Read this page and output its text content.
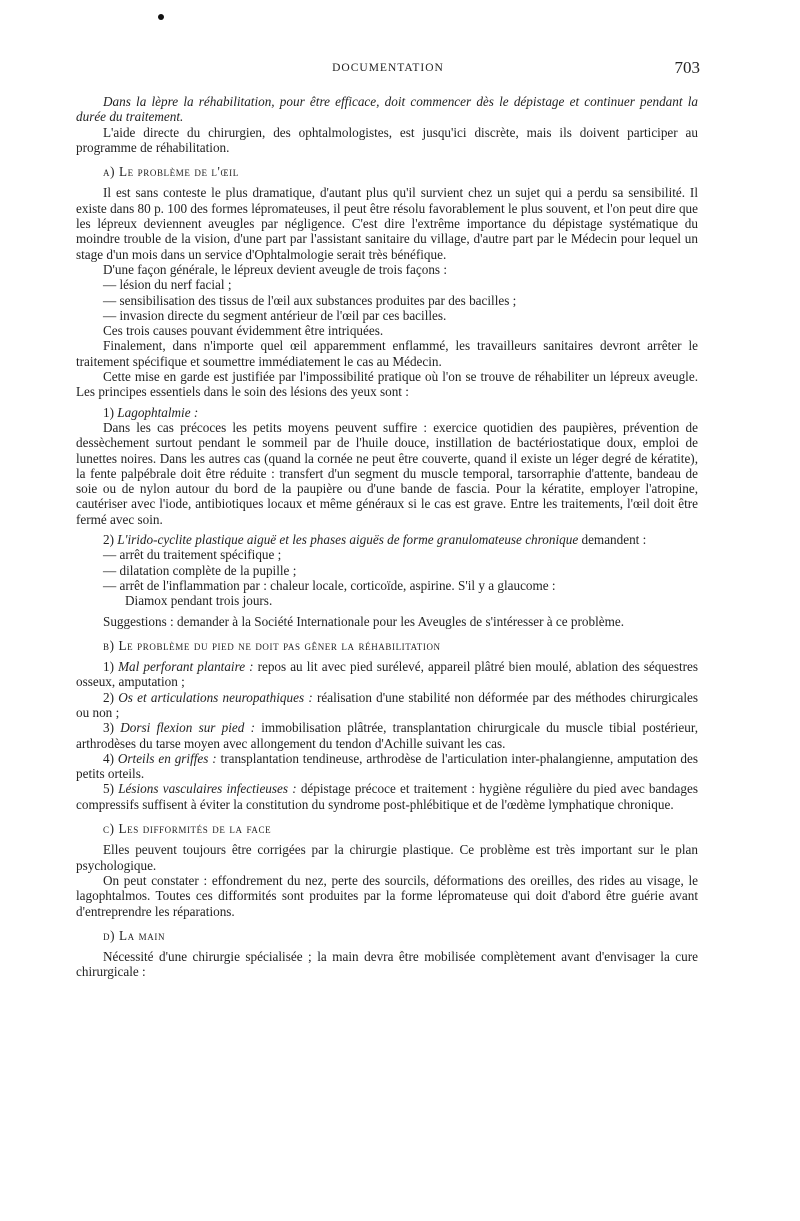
DOCUMENTATION	703

Dans la lèpre la réhabilitation, pour être efficace, doit commencer dès le dépistage et continuer pendant la durée du traitement.

L'aide directe du chirurgien, des ophtalmologistes, est jusqu'ici discrète, mais ils doivent participer au programme de réhabilitation.

a) Le problème de l'œil

Il est sans conteste le plus dramatique, d'autant plus qu'il survient chez un sujet qui a perdu sa sensibilité. Il existe dans 80 p. 100 des formes lépromateuses, il peut être résolu favorablement le plus souvent, et l'on peut dire que les lépreux deviennent aveugles par négligence. C'est dire l'extrême importance du dépistage systématique du moindre trouble de la vision, d'une part par l'assistant sanitaire du village, d'autre part par le Médecin pour lequel un stage d'un mois dans un service d'Ophtalmologie serait très bénéfique.

D'une façon générale, le lépreux devient aveugle de trois façons :

— lésion du nerf facial ;

— sensibilisation des tissus de l'œil aux substances produites par des bacilles ;

— invasion directe du segment antérieur de l'œil par ces bacilles.

Ces trois causes pouvant évidemment être intriquées.

Finalement, dans n'importe quel œil apparemment enflammé, les travailleurs sanitaires devront arrêter le traitement spécifique et soumettre immédiatement le cas au Médecin.

Cette mise en garde est justifiée par l'impossibilité pratique où l'on se trouve de réhabiliter un lépreux aveugle. Les principes essentiels dans le soin des lésions des yeux sont :

1) Lagophtalmie :

Dans les cas précoces les petits moyens peuvent suffire : exercice quotidien des paupières, prévention de dessèchement surtout pendant le sommeil par de l'huile douce, instillation de bactériostatique doux, emploi de lunettes noires. Dans les autres cas (quand la cornée ne peut être couverte, quand il existe un léger degré de kératite), la fente palpébrale doit être réduite : transfert d'un segment du muscle temporal, tarsorraphie d'attente, bandeau de soie ou de nylon autour du bord de la paupière ou d'une bande de fascia. Pour la kératite, employer l'atropine, cautériser avec l'iode, antibiotiques locaux et même généraux si le cas est grave. Entre les traitements, l'œil doit être fermé avec soin.

2) L'irido-cyclite plastique aiguë et les phases aiguës de forme granulomateuse chronique demandent :

— arrêt du traitement spécifique ;

— dilatation complète de la pupille ;

— arrêt de l'inflammation par : chaleur locale, corticoïde, aspirine. S'il y a glaucome :

Diamox pendant trois jours.

Suggestions : demander à la Société Internationale pour les Aveugles de s'intéresser à ce problème.

b) Le problème du pied ne doit pas gêner la réhabilitation

1) Mal perforant plantaire : repos au lit avec pied surélevé, appareil plâtré bien moulé, ablation des séquestres osseux, amputation ;

2) Os et articulations neuropathiques : réalisation d'une stabilité non déformée par des méthodes chirurgicales ou non ;

3) Dorsi flexion sur pied : immobilisation plâtrée, transplantation chirurgicale du muscle tibial postérieur, arthrodèses du tarse moyen avec allongement du tendon d'Achille suivant les cas.

4) Orteils en griffes : transplantation tendineuse, arthrodèse de l'articulation inter-phalangienne, amputation des petits orteils.

5) Lésions vasculaires infectieuses : dépistage précoce et traitement : hygiène régulière du pied avec bandages compressifs suffisent à éviter la constitution du syndrome post-phlébitique et de l'œdème lymphatique chronique.

c) Les difformités de la face

Elles peuvent toujours être corrigées par la chirurgie plastique. Ce problème est très important sur le plan psychologique.

On peut constater : effondrement du nez, perte des sourcils, déformations des oreilles, des rides au visage, le lagophtalmos. Toutes ces difformités sont produites par la forme lépromateuse qui doit d'abord être guérie avant d'entreprendre les réparations.

d) La main

Nécessité d'une chirurgie spécialisée ; la main devra être mobilisée complètement avant d'envisager la cure chirurgicale :
